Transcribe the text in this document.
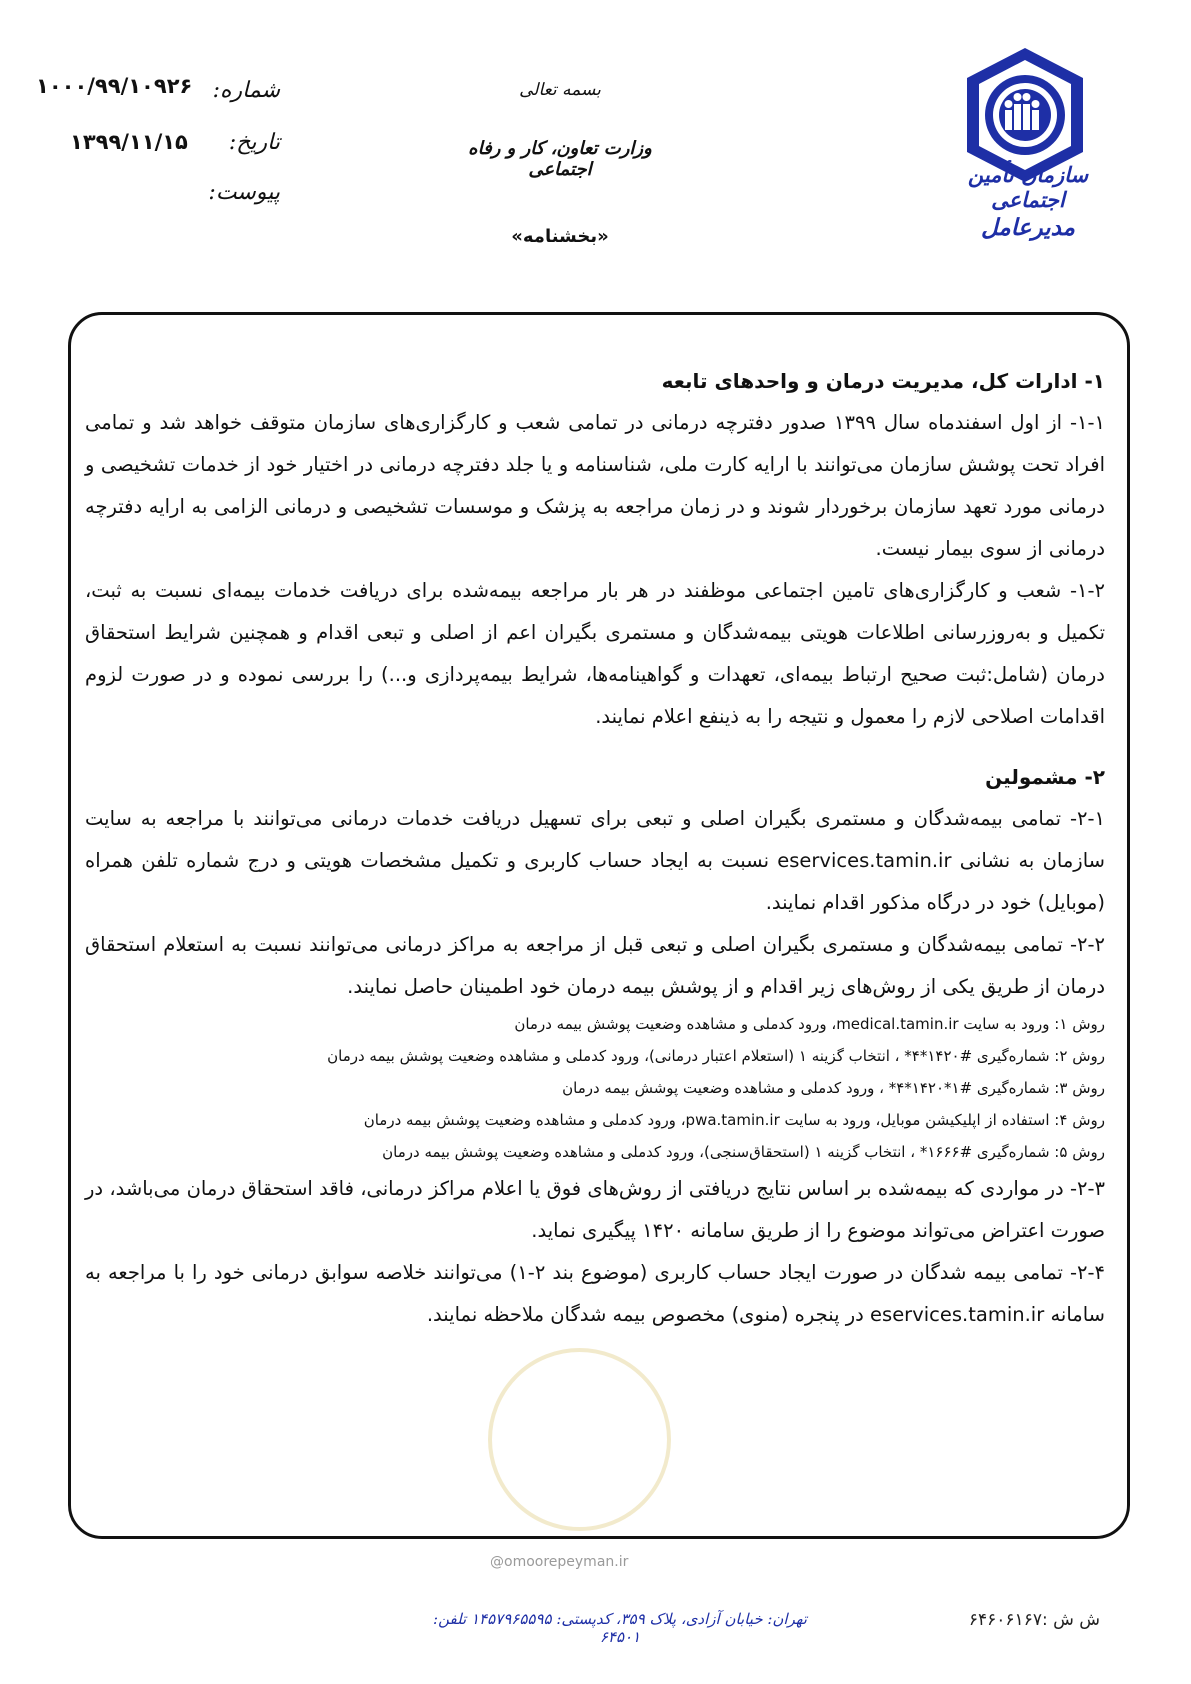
سازمان تأمین اجتماعی
مدیرعامل
بسمه تعالی
وزارت تعاون، کار و رفاه اجتماعی
«بخشنامه»
شماره:
۱۰۰۰/۹۹/۱۰۹۲۶
تاریخ:
۱۳۹۹/۱۱/۱۵
پیوست:
@omoorepeyman.ir

۱- ادارات کل، مدیریت درمان و واحدهای تابعه

۱-۱- از اول اسفندماه سال ۱۳۹۹ صدور دفترچه درمانی در تمامی شعب و کارگزاری‌های سازمان متوقف خواهد شد و تمامی افراد تحت پوشش سازمان می‌توانند با ارایه کارت ملی، شناسنامه و یا جلد دفترچه درمانی در اختیار خود از خدمات تشخیصی و درمانی مورد تعهد سازمان برخوردار شوند و در زمان مراجعه به پزشک و موسسات تشخیصی و درمانی الزامی به ارایه دفترچه درمانی از سوی بیمار نیست.

۱-۲- شعب و کارگزاری‌های تامین اجتماعی موظفند در هر بار مراجعه بیمه‌شده برای دریافت خدمات بیمه‌ای نسبت به ثبت، تکمیل و به‌روزرسانی اطلاعات هویتی بیمه‌شدگان و مستمری بگیران اعم از اصلی و تبعی اقدام و همچنین شرایط استحقاق درمان (شامل:ثبت صحیح ارتباط بیمه‌ای، تعهدات و گواهینامه‌ها، شرایط بیمه‌پردازی و...) را بررسی نموده و در صورت لزوم اقدامات اصلاحی لازم را معمول و نتیجه را به ذینفع اعلام نمایند.

۲- مشمولین

۲-۱- تمامی بیمه‌شدگان و مستمری بگیران اصلی و تبعی برای تسهیل دریافت خدمات درمانی می‌توانند با مراجعه به سایت سازمان به نشانی eservices.tamin.ir نسبت به ایجاد حساب کاربری و تکمیل مشخصات هویتی و درج شماره تلفن همراه (موبایل) خود در درگاه مذکور اقدام نمایند.

۲-۲- تمامی بیمه‌شدگان و مستمری بگیران اصلی و تبعی قبل از مراجعه به مراکز درمانی می‌توانند نسبت به استعلام استحقاق درمان از طریق یکی از روش‌های زیر اقدام و از پوشش بیمه درمان خود اطمینان حاصل نمایند.

روش ۱: ورود به سایت medical.tamin.ir، ورود کدملی و مشاهده وضعیت پوشش بیمه درمان
روش ۲: شماره‌گیری #۱۴۲۰*۴* ، انتخاب گزینه ۱ (استعلام اعتبار درمانی)، ورود کدملی و مشاهده وضعیت پوشش بیمه درمان
روش ۳: شماره‌گیری #۱*۱۴۲۰*۴* ، ورود کدملی و مشاهده وضعیت پوشش بیمه درمان
روش ۴: استفاده از اپلیکیشن موبایل، ورود به سایت pwa.tamin.ir، ورود کدملی و مشاهده وضعیت پوشش بیمه درمان
روش ۵: شماره‌گیری #۱۶۶۶* ، انتخاب گزینه ۱ (استحقاق‌سنجی)، ورود کدملی و مشاهده وضعیت پوشش بیمه درمان

۲-۳- در مواردی که بیمه‌شده بر اساس نتایج دریافتی از روش‌های فوق یا اعلام مراکز درمانی، فاقد استحقاق درمان می‌باشد، در صورت اعتراض می‌تواند موضوع را از طریق سامانه ۱۴۲۰ پیگیری نماید.

۲-۴- تمامی بیمه شدگان در صورت ایجاد حساب کاربری (موضوع بند ۲-۱) می‌توانند خلاصه سوابق درمانی خود را با مراجعه به سامانه eservices.tamin.ir در پنجره (منوی) مخصوص بیمه شدگان ملاحظه نمایند.

تهران: خیابان آزادی، پلاک ۳۵۹، کدپستی: ۱۴۵۷۹۶۵۵۹۵ تلفن: ۶۴۵۰۱
ش ش :۶۴۶۰۶۱۶۷
